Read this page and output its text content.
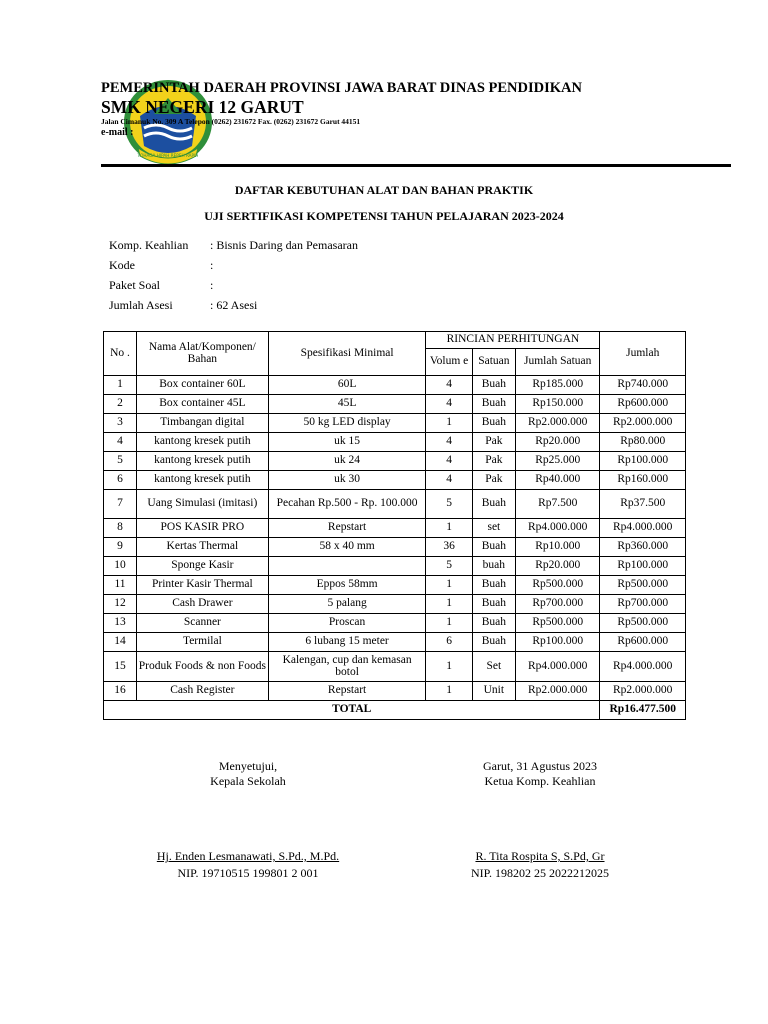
TOHAGA HIPAH REPEH RAPIH
PEMERINTAH DAERAH PROVINSI JAWA BARAT DINAS PENDIDIKAN
SMK NEGERI 12 GARUT
Jalan Cimanuk No. 309 A Telepon (0262) 231672 Fax. (0262) 231672 Garut 44151
e-mail :
DAFTAR KEBUTUHAN ALAT DAN BAHAN PRAKTIK
UJI SERTIFIKASI KOMPETENSI TAHUN PELAJARAN 2023-2024
Komp. Keahlian : Bisnis Daring dan Pemasaran
Kode	:
Paket Soal	:
Jumlah Asesi	: 62 Asesi
No .	Nama Alat/Komponen/ Bahan	Spesifikasi Minimal	RINCIAN PERHITUNGAN			Jumlah
			Volum e	Satuan	Jumlah Satuan	
1	Box container 60L	60L	4	Buah	Rp185.000	Rp740.000
2	Box container 45L	45L	4	Buah	Rp150.000	Rp600.000
3	Timbangan digital	50 kg LED display	1	Buah	Rp2.000.000	Rp2.000.000
4	kantong kresek putih	uk 15	4	Pak	Rp20.000	Rp80.000
5	kantong kresek putih	uk 24	4	Pak	Rp25.000	Rp100.000
6	kantong kresek putih	uk 30	4	Pak	Rp40.000	Rp160.000
7	Uang Simulasi (imitasi)	Pecahan Rp.500 - Rp. 100.000	5	Buah	Rp7.500	Rp37.500
8	POS KASIR PRO	Repstart	1	set	Rp4.000.000	Rp4.000.000
9	Kertas Thermal	58 x 40 mm	36	Buah	Rp10.000	Rp360.000
10	Sponge Kasir		5	buah	Rp20.000	Rp100.000
11	Printer Kasir Thermal	Eppos 58mm	1	Buah	Rp500.000	Rp500.000
12	Cash Drawer	5 palang	1	Buah	Rp700.000	Rp700.000
13	Scanner	Proscan	1	Buah	Rp500.000	Rp500.000
14	Termilal	6 lubang 15 meter	6	Buah	Rp100.000	Rp600.000
15	Produk Foods & non Foods	Kalengan, cup dan kemasan botol	1	Set	Rp4.000.000	Rp4.000.000
16	Cash Register	Repstart	1	Unit	Rp2.000.000	Rp2.000.000
TOTAL						Rp16.477.500
Menyetujui,
Kepala Sekolah
Hj. Enden Lesmanawati, S.Pd., M.Pd.
NIP. 19710515 199801 2 001
Garut, 31 Agustus 2023
Ketua Komp. Keahlian
R. Tita Rospita S, S.Pd, Gr
NIP. 198202 25 2022212025
